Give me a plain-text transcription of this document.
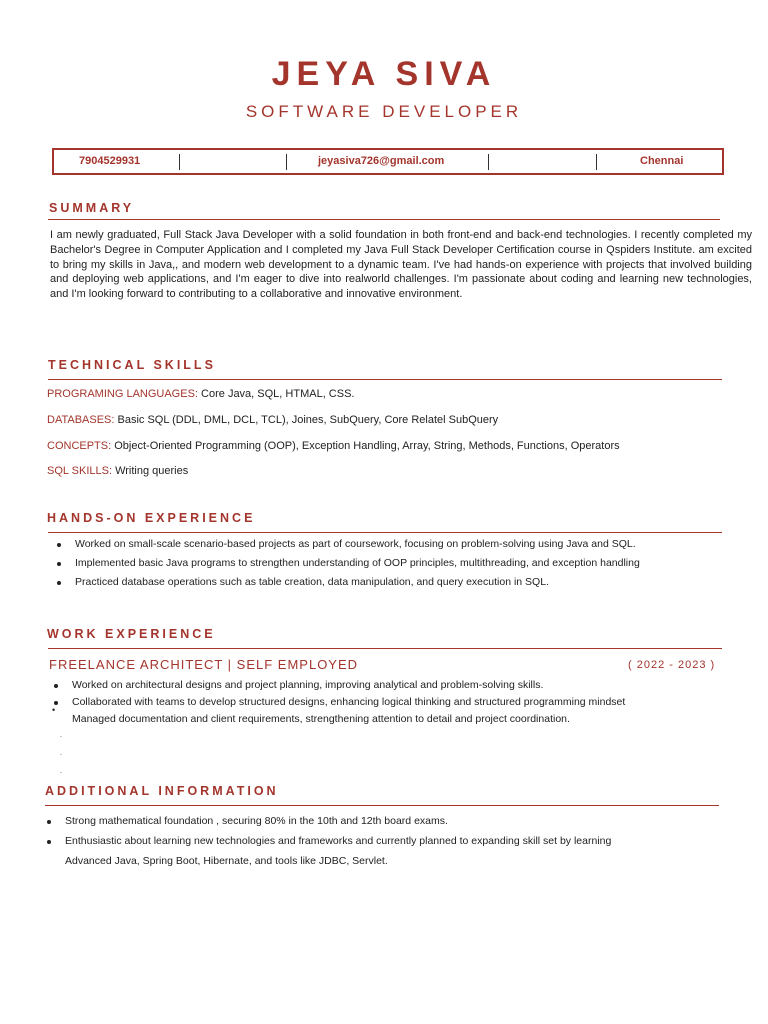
JEYA SIVA
SOFTWARE DEVELOPER
7904529931	jeyasiva726@gmail.com	Chennai
SUMMARY
I am newly graduated, Full Stack Java Developer with a solid foundation in both front-end and back-end technologies. I recently completed my Bachelor's Degree in Computer Application and I completed my Java Full Stack Developer Certification course in Qspiders Institute. am excited to bring my skills in Java,, and modern web development to a dynamic team. I've had hands-on experience with projects that involved building and deploying web applications, and I'm eager to dive into realworld challenges. I'm passionate about coding and learning new technologies, and I'm looking forward to contributing to a collaborative and innovative environment.
TECHNICAL SKILLS
PROGRAMING LANGUAGES: Core Java, SQL, HTMAL, CSS.
DATABASES: Basic SQL (DDL, DML, DCL, TCL), Joines, SubQuery, Core Relatel SubQuery
CONCEPTS: Object-Oriented Programming (OOP), Exception Handling, Array, String, Methods, Functions, Operators
SQL SKILLS: Writing queries
HANDS-ON EXPERIENCE
Worked on small-scale scenario-based projects as part of coursework, focusing on problem-solving using Java and SQL.
Implemented basic Java programs to strengthen understanding of OOP principles, multithreading, and exception handling
Practiced database operations such as table creation, data manipulation, and query execution in SQL.
WORK EXPERIENCE
FREELANCE ARCHITECT | SELF EMPLOYED	( 2022 - 2023 )
Worked on architectural designs and project planning, improving analytical and problem-solving skills.
Collaborated with teams to develop structured designs, enhancing logical thinking and structured programming mindset
Managed documentation and client requirements, strengthening attention to detail and project coordination.
•
.
.
.
ADDITIONAL INFORMATION
Strong mathematical foundation , securing 80% in the 10th and 12th board exams.
Enthusiastic about learning new technologies and frameworks and currently planned to expanding skill set by learning
Advanced Java, Spring Boot, Hibernate, and tools like JDBC, Servlet.
